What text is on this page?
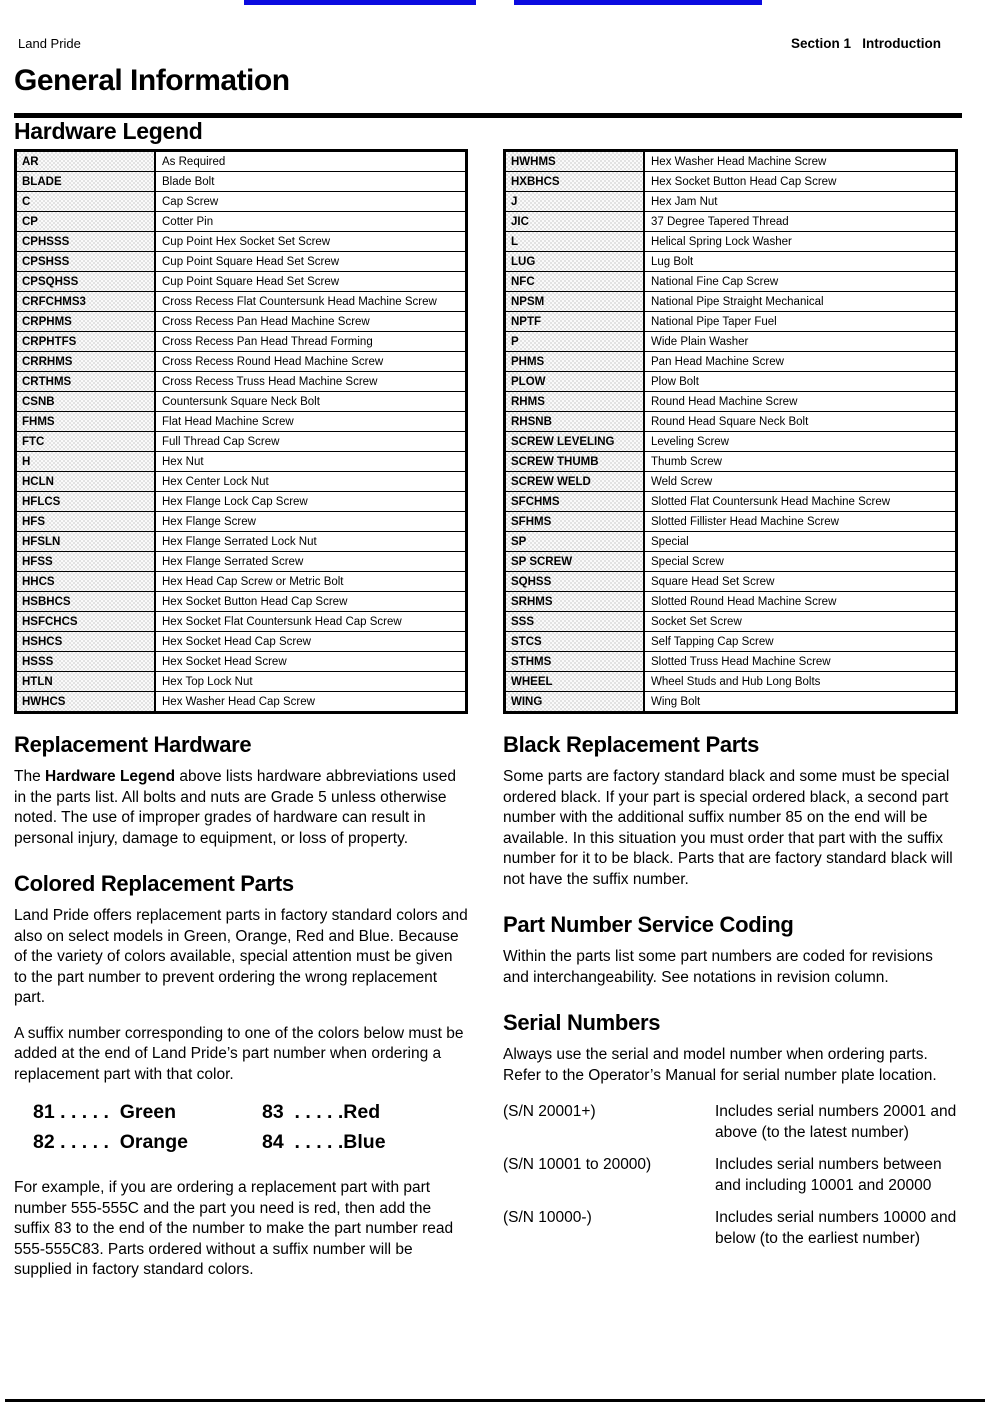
Land Pride	Section 1   Introduction
General Information
Hardware Legend
AR	As Required
BLADE	Blade Bolt
C	Cap Screw
CP	Cotter Pin
CPHSSS	Cup Point Hex Socket Set Screw
CPSHSS	Cup Point Square Head Set Screw
CPSQHSS	Cup Point Square Head Set Screw
CRFCHMS3	Cross Recess Flat Countersunk Head Machine Screw
CRPHMS	Cross Recess Pan Head Machine Screw
CRPHTFS	Cross Recess Pan Head Thread Forming
CRRHMS	Cross Recess Round Head Machine Screw
CRTHMS	Cross Recess Truss Head Machine Screw
CSNB	Countersunk Square Neck Bolt
FHMS	Flat Head Machine Screw
FTC	Full Thread Cap Screw
H	Hex Nut
HCLN	Hex Center Lock Nut
HFLCS	Hex Flange Lock Cap Screw
HFS	Hex Flange Screw
HFSLN	Hex Flange Serrated Lock Nut
HFSS	Hex Flange Serrated Screw
HHCS	Hex Head Cap Screw or Metric Bolt
HSBHCS	Hex Socket Button Head Cap Screw
HSFCHCS	Hex Socket Flat Countersunk Head Cap Screw
HSHCS	Hex Socket Head Cap Screw
HSSS	Hex Socket Head Screw
HTLN	Hex Top Lock Nut
HWHCS	Hex Washer Head Cap Screw
HWHMS	Hex Washer Head Machine Screw
HXBHCS	Hex Socket Button Head Cap Screw
J	Hex Jam Nut
JIC	37 Degree Tapered Thread
L	Helical Spring Lock Washer
LUG	Lug Bolt
NFC	National Fine Cap Screw
NPSM	National Pipe Straight Mechanical
NPTF	National Pipe Taper Fuel
P	Wide Plain Washer
PHMS	Pan Head Machine Screw
PLOW	Plow Bolt
RHMS	Round Head Machine Screw
RHSNB	Round Head Square Neck Bolt
SCREW LEVELING	Leveling Screw
SCREW THUMB	Thumb Screw
SCREW WELD	Weld Screw
SFCHMS	Slotted Flat Countersunk Head Machine Screw
SFHMS	Slotted Fillister Head Machine Screw
SP	Special
SP SCREW	Special Screw
SQHSS	Square Head Set Screw
SRHMS	Slotted Round Head Machine Screw
SSS	Socket Set Screw
STCS	Self Tapping Cap Screw
STHMS	Slotted Truss Head Machine Screw
WHEEL	Wheel Studs and Hub Long Bolts
WING	Wing Bolt
Replacement Hardware

The Hardware Legend above lists hardware abbreviations used in the parts list. All bolts and nuts are Grade 5 unless otherwise noted. The use of improper grades of hardware can result in personal injury, damage to equipment, or loss of property.

Colored Replacement Parts

Land Pride offers replacement parts in factory standard colors and also on select models in Green, Orange, Red and Blue. Because of the variety of colors available, special attention must be given to the part number to prevent ordering the wrong replacement part.

A suffix number corresponding to one of the colors below must be added at the end of Land Pride’s part number when ordering a replacement part with that color.

81 . . . . .  Green	83  . . . . .Red
82 . . . . .  Orange	84  . . . . .Blue

For example, if you are ordering a replacement part with part number 555-555C and the part you need is red, then add the suffix 83 to the end of the number to make the part number read 555-555C83. Parts ordered without a suffix number will be supplied in factory standard colors.

Black Replacement Parts

Some parts are factory standard black and some must be special ordered black. If your part is special ordered black, a second part number with the additional suffix number 85 on the end will be available. In this situation you must order that part with the suffix number for it to be black. Parts that are factory standard black will not have the suffix number.

Part Number Service Coding

Within the parts list some part numbers are coded for revisions and interchangeability. See notations in revision column.

Serial Numbers

Always use the serial and model number when ordering parts. Refer to the Operator’s Manual for serial number plate location.

(S/N 20001+)	Includes serial numbers 20001 and above (to the latest number)
(S/N 10001 to 20000)	Includes serial numbers between and including 10001 and 20000
(S/N 10000-)	Includes serial numbers 10000 and below (to the earliest number)
